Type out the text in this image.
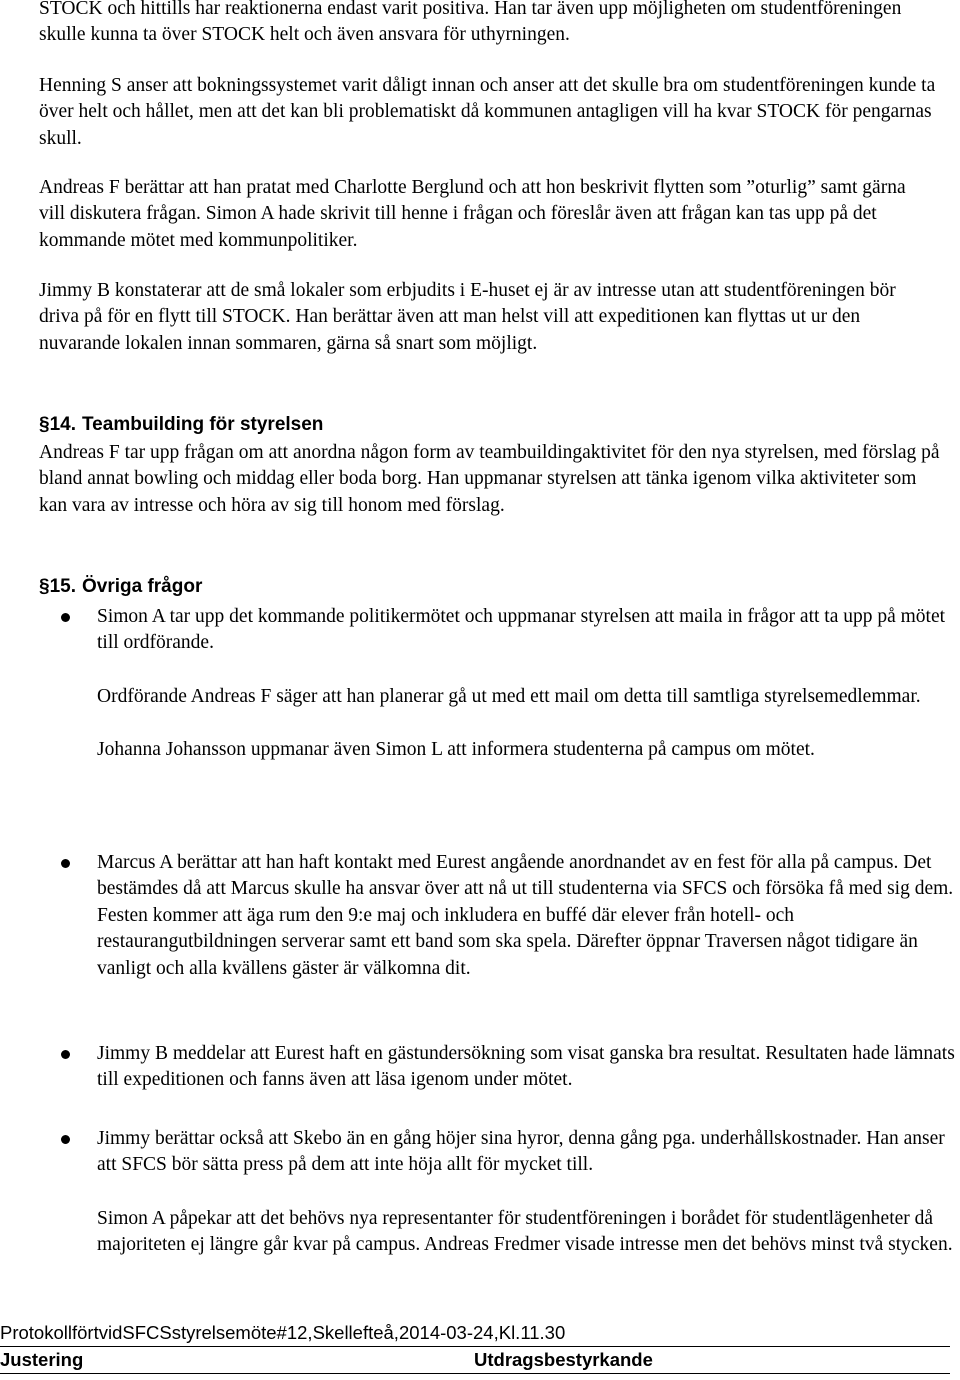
STOCK och hittills har reaktionerna endast varit positiva. Han tar även upp möjligheten om studentföreningen skulle kunna ta över STOCK helt och även ansvara för uthyrningen.

Henning S anser att bokningssystemet varit dåligt innan och anser att det skulle bra om studentföreningen kunde ta över helt och hållet, men att det kan bli problematiskt då kommunen antagligen vill ha kvar STOCK för pengarnas skull.

Andreas F berättar att han pratat med Charlotte Berglund och att hon beskrivit flytten som ”oturlig” samt gärna vill diskutera frågan. Simon A hade skrivit till henne i frågan och föreslår även att frågan kan tas upp på det kommande mötet med kommunpolitiker.

Jimmy B konstaterar att de små lokaler som erbjudits i E-huset ej är av intresse utan att studentföreningen bör driva på för en flytt till STOCK. Han berättar även att man helst vill att expeditionen kan flyttas ut ur den nuvarande lokalen innan sommaren, gärna så snart som möjligt.

§14. Teambuilding för styrelsen

Andreas F tar upp frågan om att anordna någon form av teambuildingaktivitet för den nya styrelsen, med förslag på bland annat bowling och middag eller boda borg. Han uppmanar styrelsen att tänka igenom vilka aktiviteter som kan vara av intresse och höra av sig till honom med förslag.

§15. Övriga frågor

Simon A tar upp det kommande politikermötet och uppmanar styrelsen att maila in frågor att ta upp på mötet till ordförande.

Ordförande Andreas F säger att han planerar gå ut med ett mail om detta till samtliga styrelsemedlemmar.

Johanna Johansson uppmanar även Simon L att informera studenterna på campus om mötet.

Marcus A berättar att han haft kontakt med Eurest angående anordnandet av en fest för alla på campus. Det bestämdes då att Marcus skulle ha ansvar över att nå ut till studenterna via SFCS och försöka få med sig dem. Festen kommer att äga rum den 9:e maj och inkludera en buffé där elever från hotell- och restaurangutbildningen serverar samt ett band som ska spela. Därefter öppnar Traversen något tidigare än vanligt och alla kvällens gäster är välkomna dit.

Jimmy B meddelar att Eurest haft en gästundersökning som visat ganska bra resultat. Resultaten hade lämnats till expeditionen och fanns även att läsa igenom under mötet.

Jimmy berättar också att Skebo än en gång höjer sina hyror, denna gång pga. underhållskostnader. Han anser att SFCS bör sätta press på dem att inte höja allt för mycket till.

Simon A påpekar att det behövs nya representanter för studentföreningen i borådet för studentlägenheter då majoriteten ej längre går kvar på campus. Andreas Fredmer visade intresse men det behövs minst två stycken.

ProtokollförtvidSFCSstyrelsemöte#12,Skellefteå,2014-03-24,Kl.11.30
Justering	Utdragsbestyrkande
